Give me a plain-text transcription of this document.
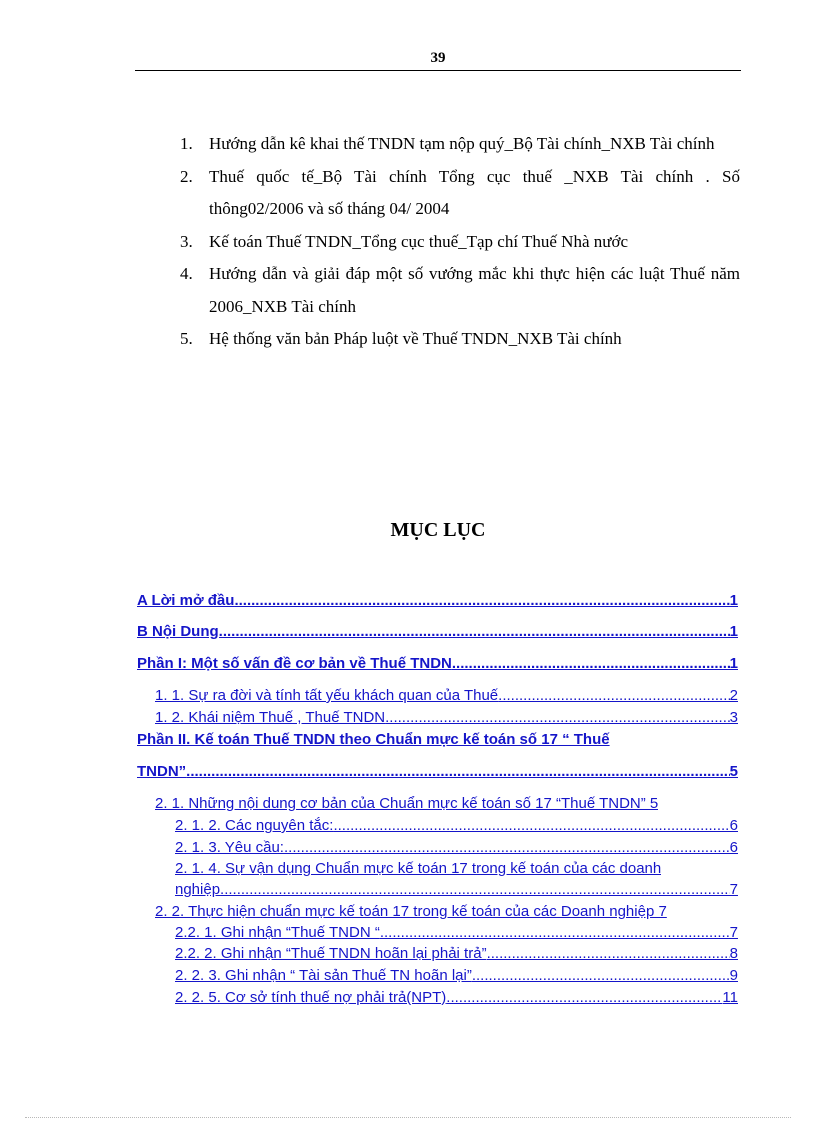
39
1. Hướng dẫn kê khai thế TNDN tạm nộp quý_Bộ Tài chính_NXB Tài chính
2. Thuế quốc tế_Bộ Tài chính Tổng cục thuế _NXB Tài chính . Số thông02/2006 và số tháng 04/ 2004
3. Kế toán Thuế TNDN_Tổng cục thuế_Tạp chí Thuế Nhà nước
4. Hướng dẫn và giải đáp một số vướng mắc khi thực hiện các luật Thuế năm 2006_NXB Tài chính
5. Hệ thống văn bản Pháp luột về Thuế TNDN_NXB Tài chính
MỤC LỤC
A Lời mở đầu .....	1
B Nội Dung .....	1
Phần I: Một số vấn đề cơ bản về Thuế TNDN .....	1
1. 1. Sự ra đời và tính tất yếu khách quan của Thuế .....	2
1. 2. Khái niệm Thuế , Thuế TNDN .....	3
Phần II. Kế toán Thuế TNDN theo Chuẩn mực kế toán số 17 “ Thuế
TNDN” .....	5
2. 1. Những nội dung cơ bản của Chuẩn mực kế toán số 17 “Thuế TNDN” 5
2. 1. 2. Các nguyên tắc: .....	6
2. 1. 3. Yêu cầu: .....	6
2. 1. 4. Sự vận dụng Chuẩn mực kế toán 17 trong kế toán của các doanh
nghiệp .....	7
2. 2. Thực hiện chuẩn mực kế toán 17 trong kế toán của các Doanh nghiệp 7
2.2. 1. Ghi nhận “Thuế TNDN “ .....	7
2.2. 2. Ghi nhận “Thuế TNDN hoãn lại phải trả” .....	8
2. 2. 3. Ghi nhận “ Tài sản Thuế TN hoãn lại” .....	9
2. 2. 5. Cơ sở tính thuế nợ phải trả(NPT) .....	11
